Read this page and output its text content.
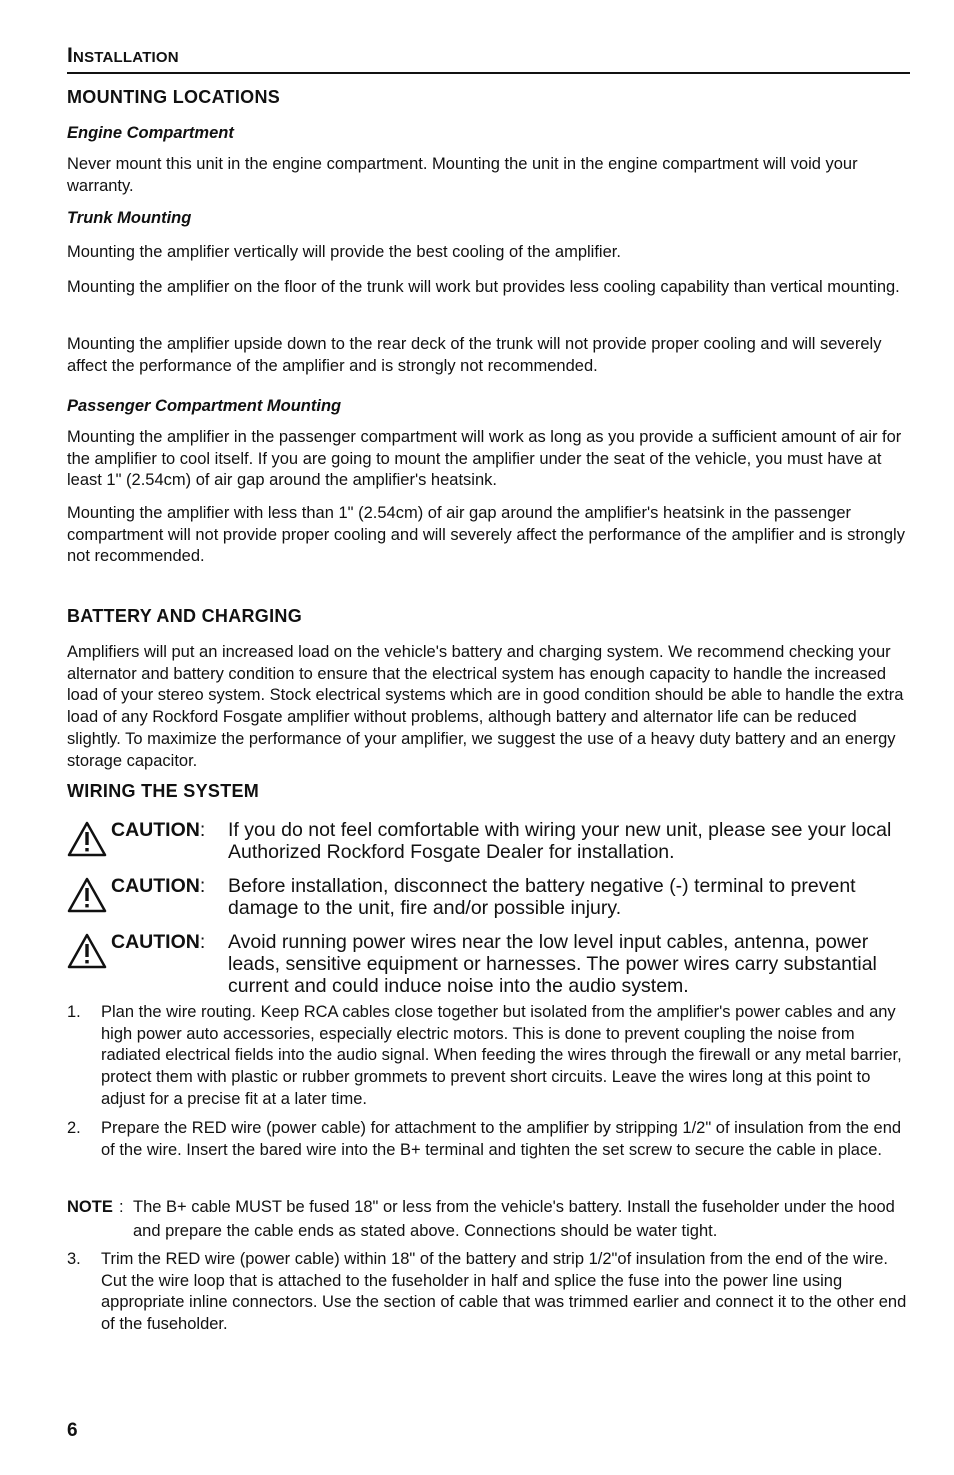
Installation
MOUNTING LOCATIONS
Engine Compartment
Never mount this unit in the engine compartment. Mounting the unit in the engine compartment will void your warranty.
Trunk Mounting
Mounting the amplifier vertically will provide the best cooling of the amplifier.
Mounting the amplifier on the floor of the trunk will work but provides less cooling capability than vertical mounting.
Mounting the amplifier upside down to the rear deck of the trunk will not provide proper cooling and will severely affect the performance of the amplifier and is strongly not recommended.
Passenger Compartment Mounting
Mounting the amplifier in the passenger compartment will work as long as you provide a sufficient amount of air for the amplifier to cool itself. If you are going to mount the amplifier under the seat of the vehicle, you must have at least 1" (2.54cm) of air gap around the amplifier's heatsink.
Mounting the amplifier with less than 1" (2.54cm) of air gap around the amplifier's heatsink in the passenger compartment will not provide proper cooling and will severely affect the performance of the amplifier and is strongly not recommended.
BATTERY AND CHARGING
Amplifiers will put an increased load on the vehicle's battery and charging system. We recommend checking your alternator and battery condition to ensure that the electrical system has enough capacity to handle the increased load of your stereo system. Stock electrical systems which are in good condition should be able to handle the extra load of any Rockford Fosgate amplifier without problems, although battery and alternator life can be reduced slightly. To maximize the performance of your amplifier, we suggest the use of a heavy duty battery and an energy storage capacitor.
WIRING THE SYSTEM
CAUTION: If you do not feel comfortable with wiring your new unit, please see your local Authorized Rockford Fosgate Dealer for installation.
CAUTION: Before installation, disconnect the battery negative (-) terminal to prevent damage to the unit, fire and/or possible injury.
CAUTION: Avoid running power wires near the low level input cables, antenna, power leads, sensitive equipment or harnesses. The power wires carry substantial current and could induce noise into the audio system.
1. Plan the wire routing. Keep RCA cables close together but isolated from the amplifier's power cables and any high power auto accessories, especially electric motors. This is done to prevent coupling the noise from radiated electrical fields into the audio signal. When feeding the wires through the firewall or any metal barrier, protect them with plastic or rubber grommets to prevent short circuits. Leave the wires long at this point to adjust for a precise fit at a later time.
2. Prepare the RED wire (power cable) for attachment to the amplifier by stripping 1/2" of insulation from the end of the wire. Insert the bared wire into the B+ terminal and tighten the set screw to secure the cable in place.
NOTE : The B+ cable MUST be fused 18" or less from the vehicle's battery. Install the fuseholder under the hood and prepare the cable ends as stated above. Connections should be water tight.
3. Trim the RED wire (power cable) within 18" of the battery and strip 1/2"of insulation from the end of the wire. Cut the wire loop that is attached to the fuseholder in half and splice the fuse into the power line using appropriate inline connectors. Use the section of cable that was trimmed earlier and connect it to the other end of the fuseholder.
6
